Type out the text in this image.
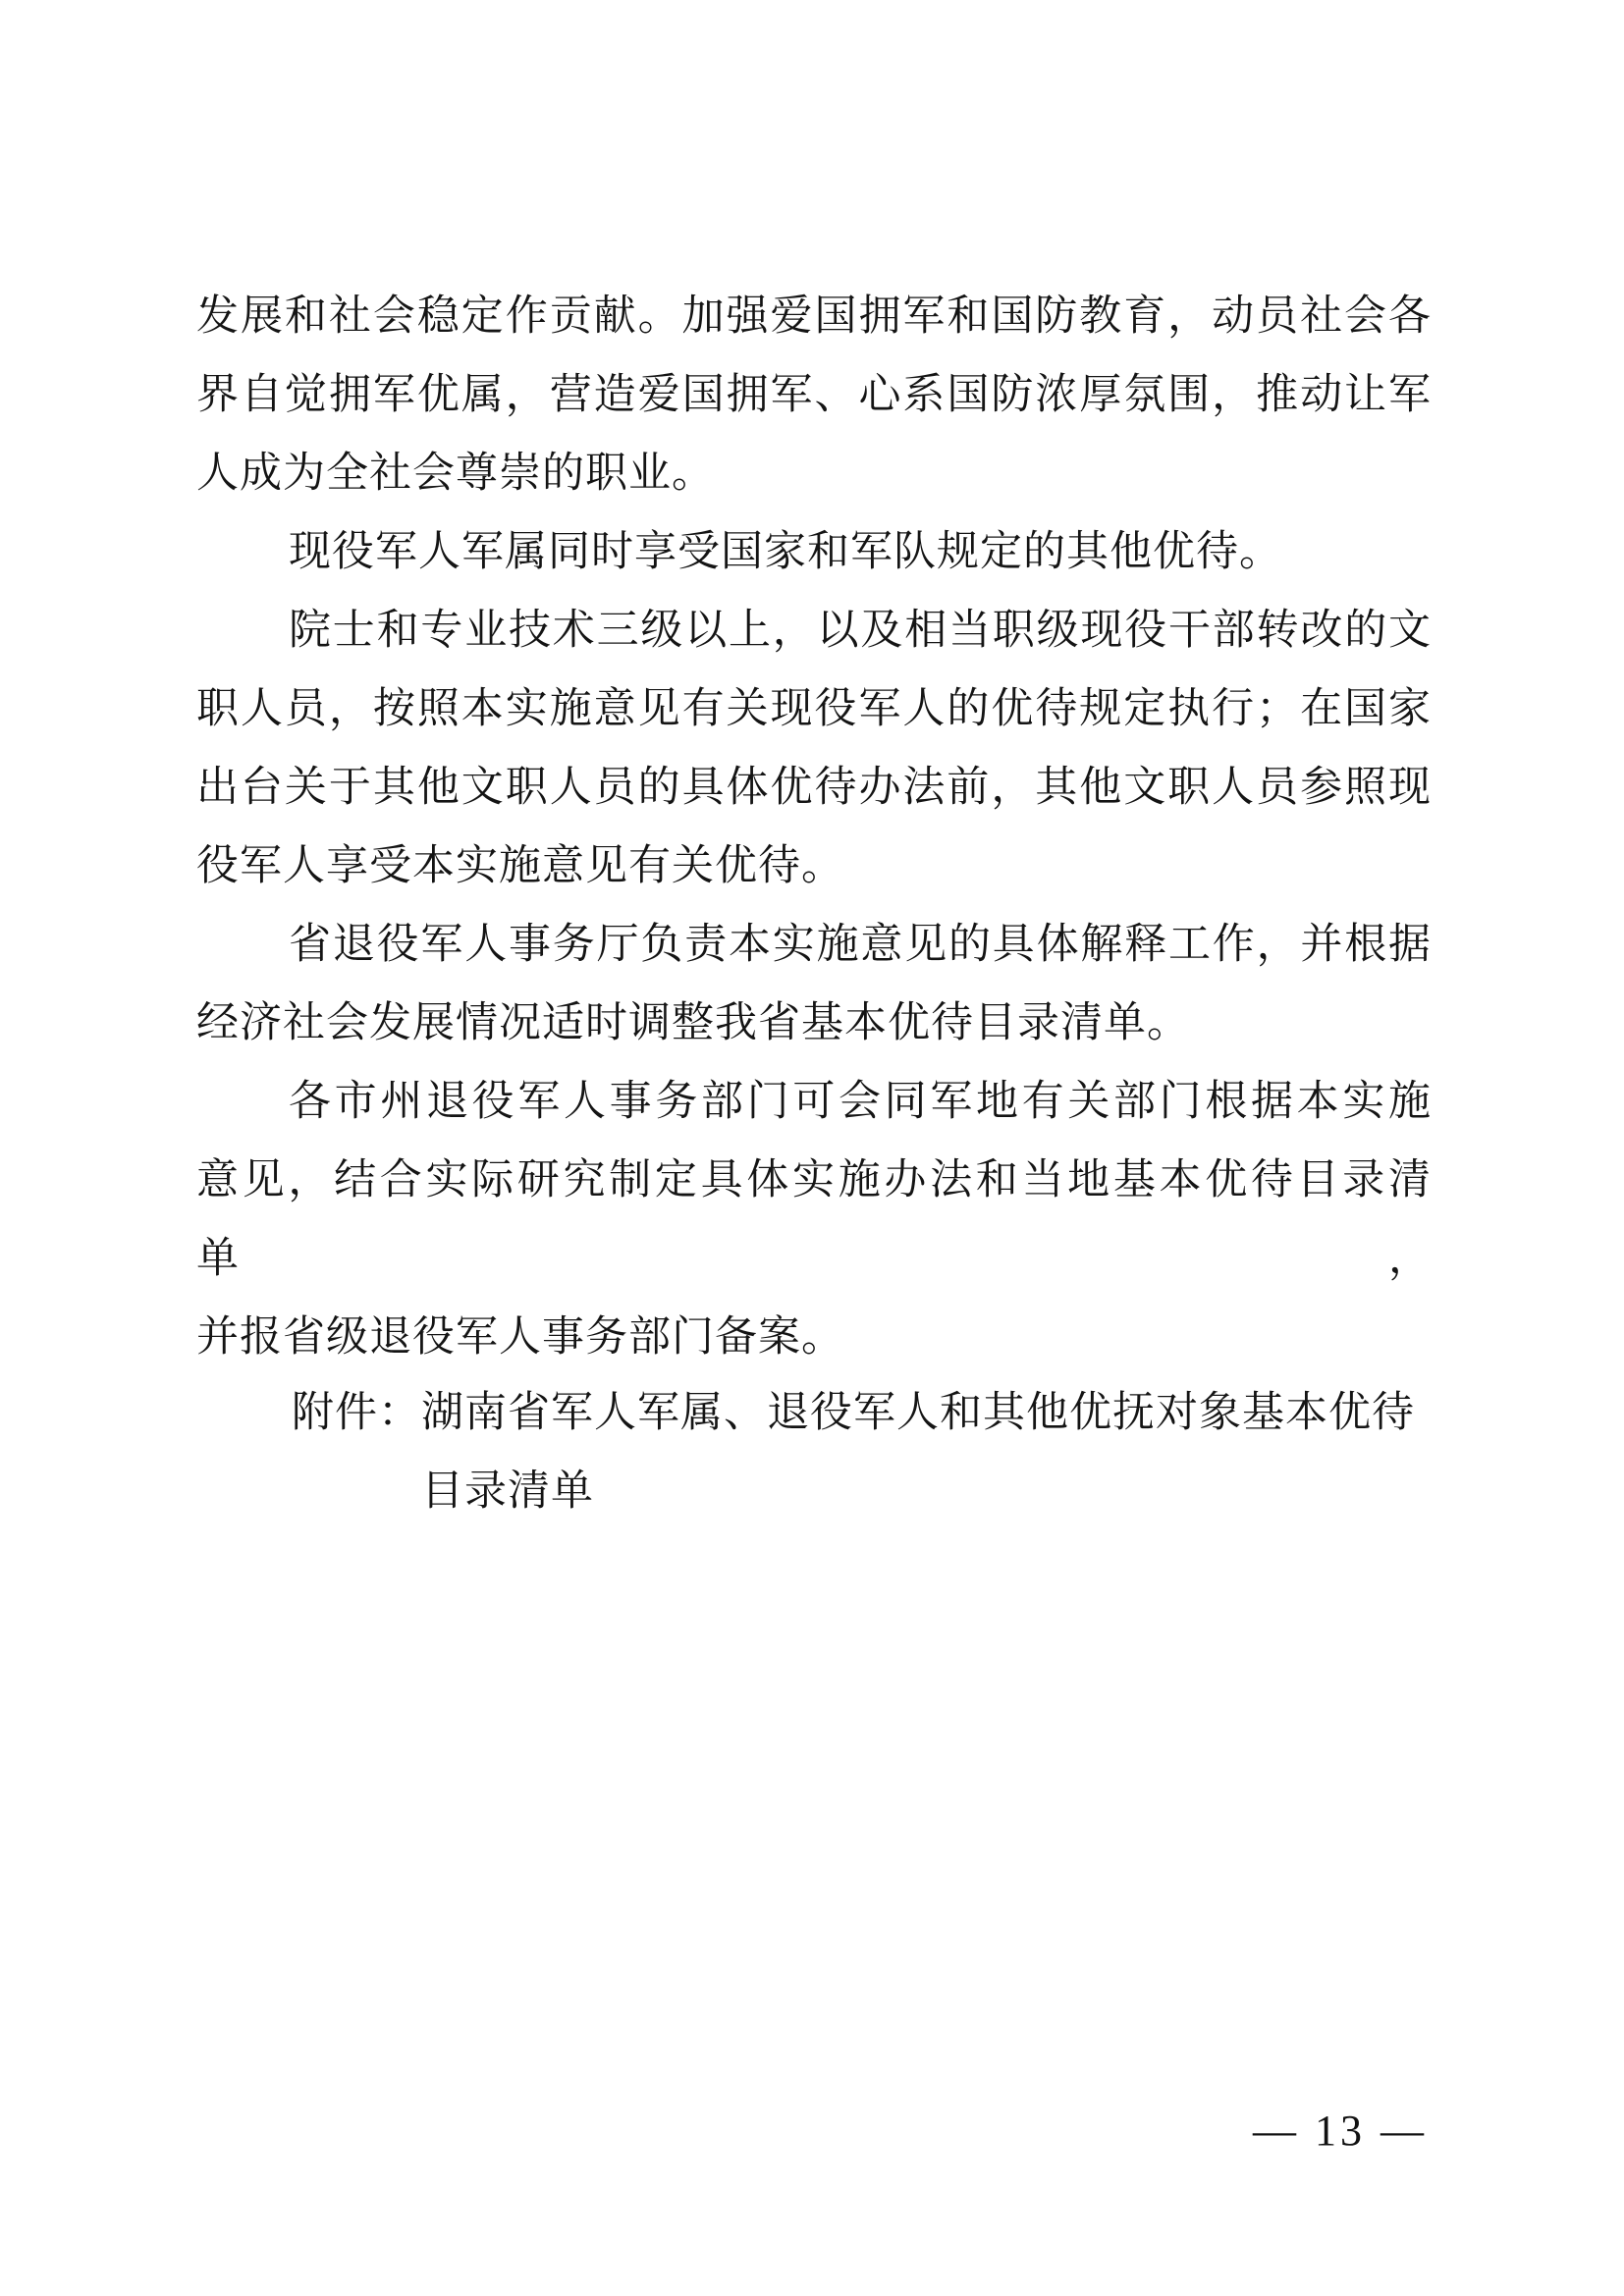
发展和社会稳定作贡献。加强爱国拥军和国防教育，动员社会各
界自觉拥军优属，营造爱国拥军、心系国防浓厚氛围，推动让军
人成为全社会尊崇的职业。
现役军人军属同时享受国家和军队规定的其他优待。
院士和专业技术三级以上，以及相当职级现役干部转改的文
职人员，按照本实施意见有关现役军人的优待规定执行；在国家
出台关于其他文职人员的具体优待办法前，其他文职人员参照现
役军人享受本实施意见有关优待。
省退役军人事务厅负责本实施意见的具体解释工作，并根据
经济社会发展情况适时调整我省基本优待目录清单。
各市州退役军人事务部门可会同军地有关部门根据本实施
意见，结合实际研究制定具体实施办法和当地基本优待目录清单，
并报省级退役军人事务部门备案。
附件： 湖南省军人军属、退役军人和其他优抚对象基本优待
目录清单
— 13 —
